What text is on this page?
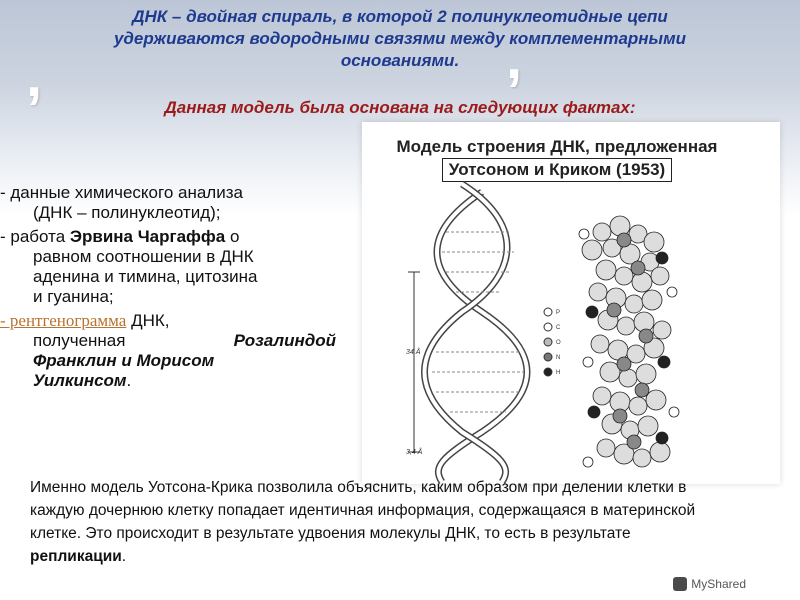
,	,
ДНК – двойная спираль, в которой 2 полинуклеотидные цепи
удерживаются водородными связями между комплементарными
основаниями.
Данная модель была основана на следующих фактах:
Модель строения ДНК, предложенная
Уотсоном и Криком (1953)
34 Å
3,4 Å
P
C
O
N
H
MyShared
- данные химического анализа
(ДНК – полинуклеотид);
- работа Эрвина Чаргаффа о
равном соотношении в ДНК
аденина и тимина, цитозина
и гуанина;
- рентгенограмма ДНК,
полученная	Розалиндой
Франклин и Морисом
Уилкинсом.
Именно модель Уотсона-Крика позволила объяснить, каким образом при делении клетки в каждую дочернюю клетку попадает идентичная информация, содержащаяся в материнской клетке. Это происходит в результате удвоения молекулы ДНК, то есть в результате репликации.
